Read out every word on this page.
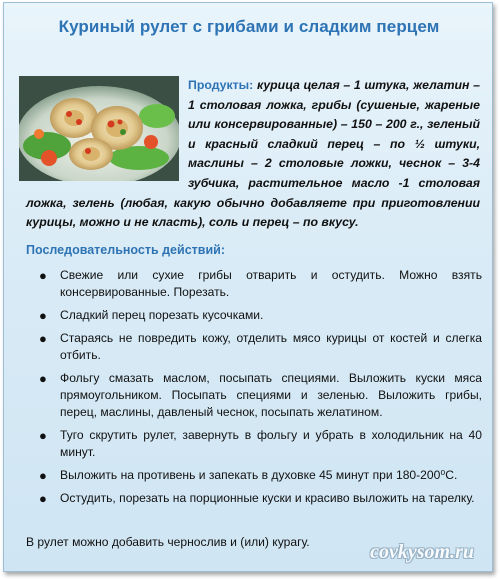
Куриный рулет с грибами и сладким перцем
Продукты: курица целая – 1 штука, желатин – 1 столовая ложка, грибы (сушеные, жареные или консервированные) – 150 – 200 г., зеленый и красный сладкий перец – по ½ штуки, маслины – 2 столовые ложки, чеснок – 3-4 зубчика, растительное масло -1 столовая ложка, зелень (любая, какую обычно добавляете при приготовлении курицы, можно и не класть), соль и перец – по вкусу.
Последовательность действий:
● Свежие или сухие грибы отварить и остудить. Можно взять консервированные. Порезать.
● Сладкий перец порезать кусочками.
● Стараясь не повредить кожу, отделить мясо курицы от костей и слегка отбить.
● Фольгу смазать маслом, посыпать специями. Выложить куски мяса прямоугольником. Посыпать специями и зеленью. Выложить грибы, перец, маслины, давленый чеснок, посыпать желатином.
● Туго скрутить рулет, завернуть в фольгу и убрать в холодильник на 40 минут.
● Выложить на противень и запекать в духовке 45 минут при 180-200⁰С.
● Остудить, порезать на порционные куски и красиво выложить на тарелку.
В рулет можно добавить чернослив и (или) курагу.	covkysom.ru
